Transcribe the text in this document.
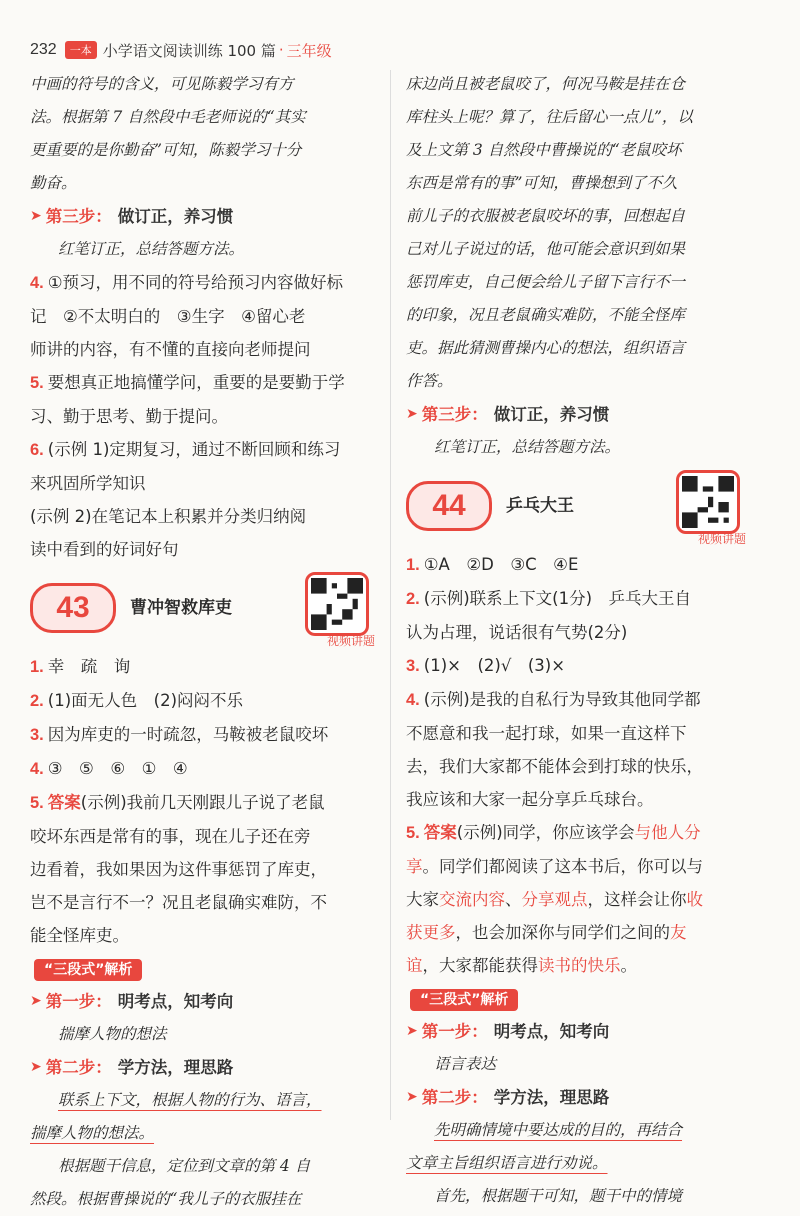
232	一本 小学语文阅读训练 100 篇 · 三年级

中画的符号的含义，可见陈毅学习有方

法。根据第 7 自然段中毛老师说的“其实

更重要的是你勤奋”可知，陈毅学习十分

勤奋。

➤ 第三步： 做订正，养习惯

红笔订正，总结答题方法。

4. ①预习，用不同的符号给预习内容做好标

记　②不太明白的　③生字　④留心老

师讲的内容，有不懂的直接向老师提问

5. 要想真正地搞懂学问，重要的是要勤于学

习、勤于思考、勤于提问。

6. (示例 1)定期复习，通过不断回顾和练习

来巩固所学知识

(示例 2)在笔记本上积累并分类归纳阅

读中看到的好词好句

43	曹冲智救库吏
视频讲题

1. 幸　疏　询

2. (1)面无人色　(2)闷闷不乐

3. 因为库吏的一时疏忽，马鞍被老鼠咬坏

4. ③　⑤　⑥　①　④

5. 答案(示例)我前几天刚跟儿子说了老鼠

咬坏东西是常有的事，现在儿子还在旁

边看着，我如果因为这件事惩罚了库吏，

岂不是言行不一？况且老鼠确实难防，不

能全怪库吏。

“三段式”解析
➤ 第一步： 明考点，知考向

揣摩人物的想法

➤ 第二步： 学方法，理思路

联系上下文，根据人物的行为、语言，

揣摩人物的想法。

根据题干信息，定位到文章的第 4 自

然段。根据曹操说的“我儿子的衣服挂在

床边尚且被老鼠咬了，何况马鞍是挂在仓

库柱头上呢？算了，往后留心一点儿”，以

及上文第 3 自然段中曹操说的“老鼠咬坏

东西是常有的事”可知，曹操想到了不久

前儿子的衣服被老鼠咬坏的事，回想起自

己对儿子说过的话，他可能会意识到如果

惩罚库吏，自己便会给儿子留下言行不一

的印象，况且老鼠确实难防，不能全怪库

吏。据此猜测曹操内心的想法，组织语言

作答。

➤ 第三步： 做订正，养习惯

红笔订正，总结答题方法。

44	乒乓大王
视频讲题

1. ①A　②D　③C　④E

2. (示例)联系上下文(1分)　乒乓大王自

认为占理，说话很有气势(2分)

3. (1)×　(2)√　(3)×

4. (示例)是我的自私行为导致其他同学都

不愿意和我一起打球，如果一直这样下

去，我们大家都不能体会到打球的快乐，

我应该和大家一起分享乒乓球台。

5. 答案(示例)同学，你应该学会与他人分

享。同学们都阅读了这本书后，你可以与

大家交流内容、分享观点，这样会让你收

获更多，也会加深你与同学们之间的友

谊，大家都能获得读书的快乐。

“三段式”解析
➤ 第一步： 明考点，知考向

语言表达

➤ 第二步： 学方法，理思路

先明确情境中要达成的目的，再结合

文章主旨组织语言进行劝说。

首先，根据题干可知，题干中的情境
